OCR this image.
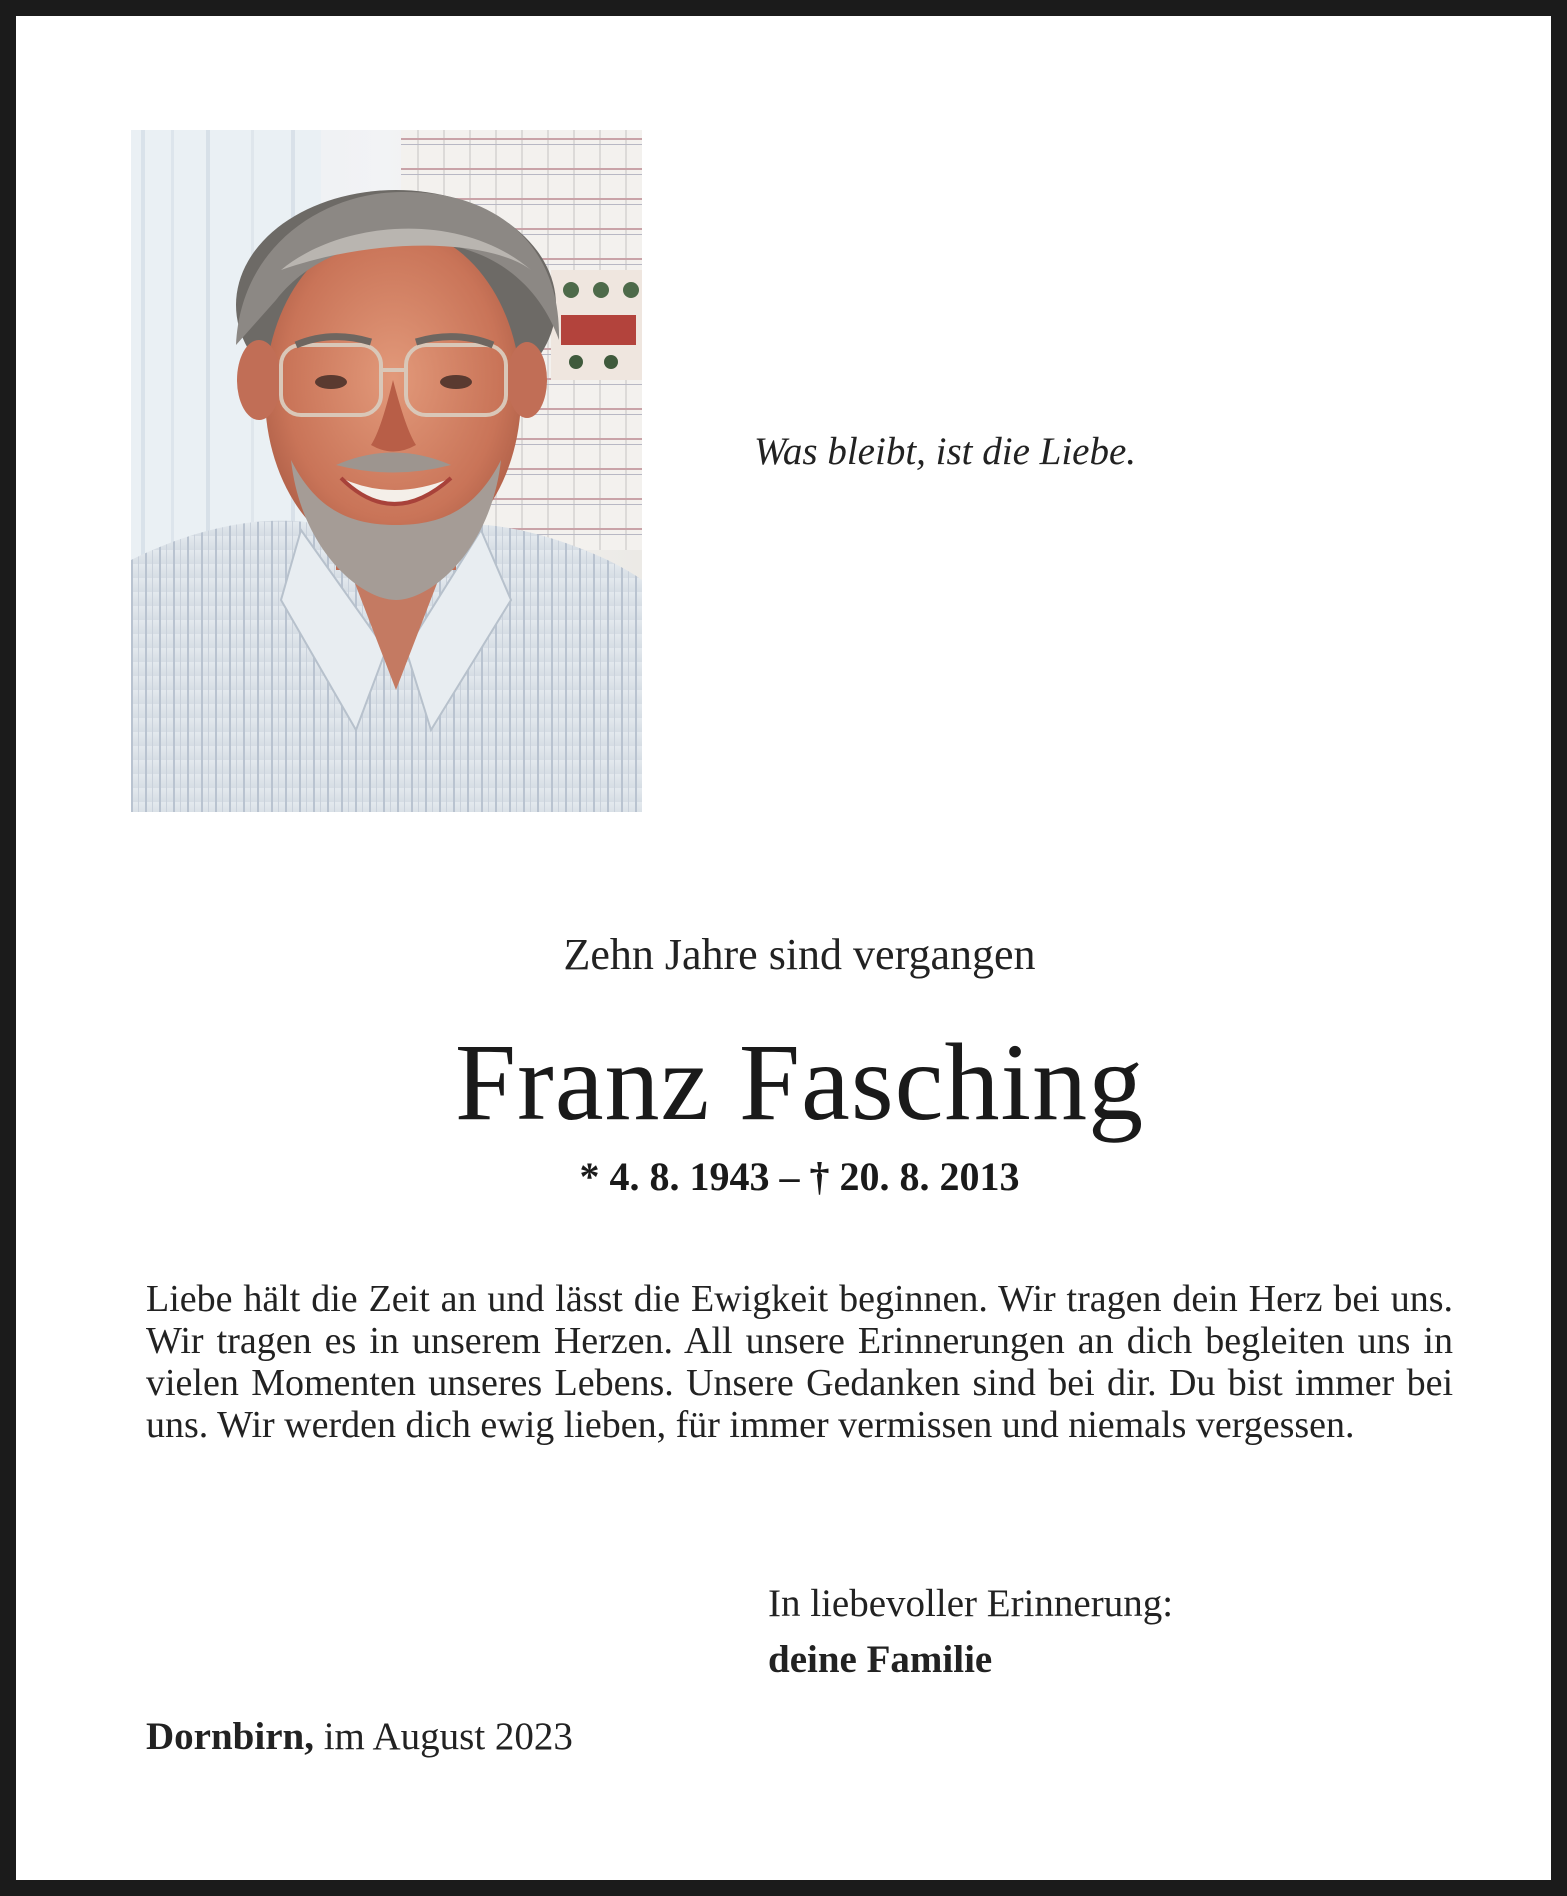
Was bleibt, ist die Liebe.
Zehn Jahre sind vergangen
Franz Fasching
* 4. 8. 1943 – † 20. 8. 2013
Liebe hält die Zeit an und lässt die Ewigkeit beginnen. Wir tragen dein Herz bei uns. Wir tragen es in unserem Herzen. All unsere Erinnerungen an dich begleiten uns in vielen Momenten unseres Lebens. Unsere Gedanken sind bei dir. Du bist immer bei uns. Wir werden dich ewig lieben, für immer vermissen und niemals vergessen.
In liebevoller Erinnerung:
deine Familie
Dornbirn, im August 2023
